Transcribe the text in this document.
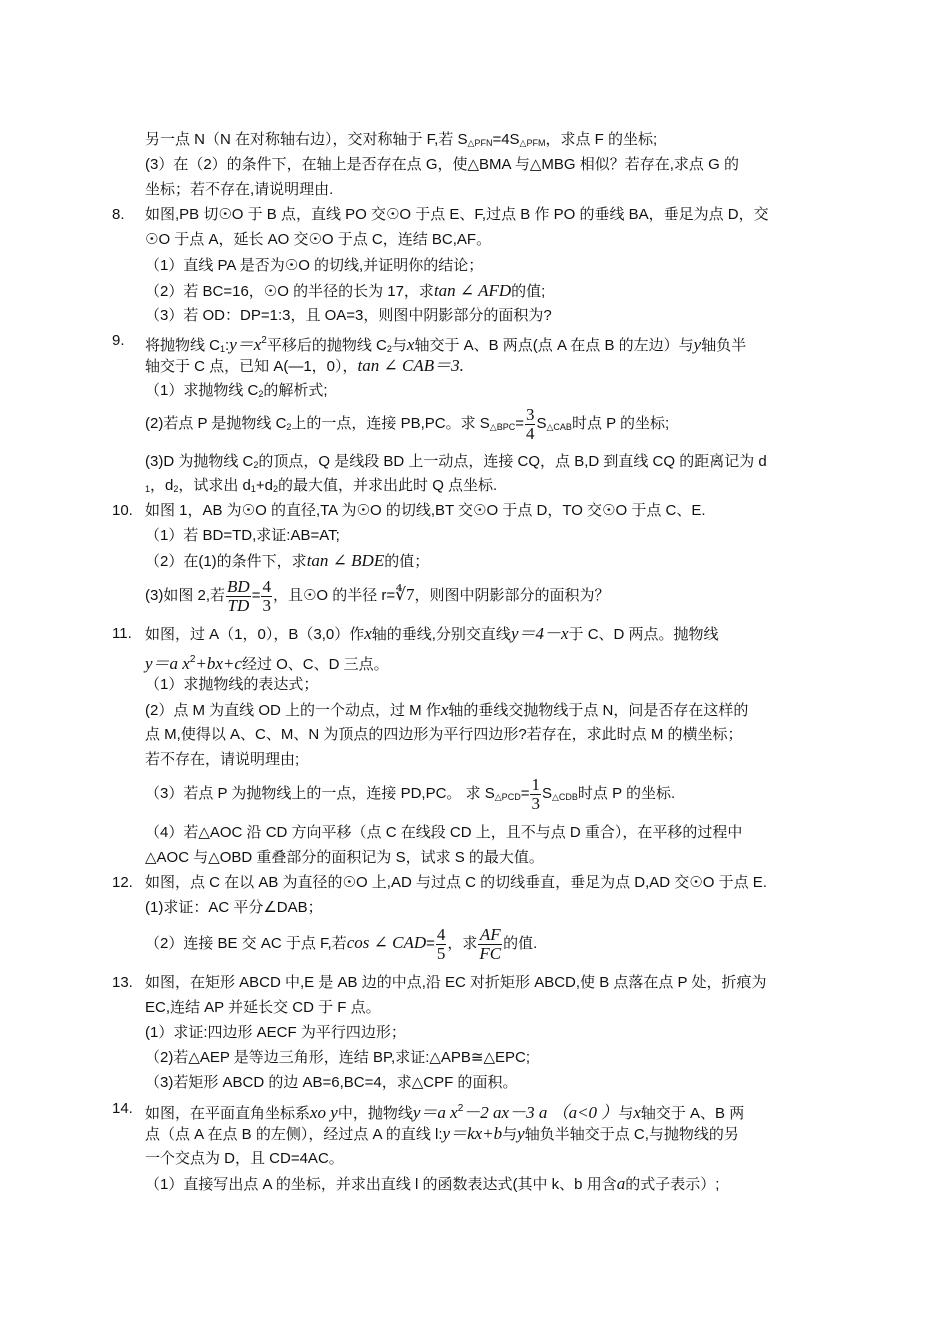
另一点 N（N 在对称轴右边），交对称轴于 F,若 $S_{\triangle PFN}=4S_{\triangle PFM}$，求点 F 的坐标;
(3）在（2）的条件下，在轴上是否存在点 G，使△BMA 与△MBG 相似？若存在,求点 G 的
坐标；若不存在,请说明理由.
8. 如图,PB 切☉O 于 B 点，直线 PO 交☉O 于点 E、F,过点 B 作 PO 的垂线 BA，垂足为点 D，交
☉O 于点 A，延长 AO 交☉O 于点 C，连结 BC,AF。
（1）直线 PA 是否为☉O 的切线,并证明你的结论；
（2）若 BC=16，☉O 的半径的长为 17，求tan ∠ AFD的值;
（3）若 OD：DP=1:3，且 OA=3，则图中阴影部分的面积为?
9. 将抛物线 $C_1:y=x^2$平移后的抛物线 $C_2$与x轴交于 A、B 两点(点 A 在点 B 的左边）与y轴负半
轴交于 C 点，已知 A(—1，0），tan ∠ CAB＝3.
（1）求抛物线 $C_2$的解析式;
(2)若点 P 是抛物线 $C_2$上的一点，连接 PB,PC。求 $S_{\triangle BPC}= \frac{3}{4} S_{\triangle CAB}$时点 P 的坐标;
(3)D 为抛物线 $C_2$的顶点，Q 是线段 BD 上一动点，连接 CQ，点 B,D 到直线 CQ 的距离记为 d
$_1$，$d_2$，试求出 $d_1+d_2$的最大值，并求出此时 Q 点坐标.
10. 如图 1，AB 为☉O 的直径,TA 为☉O 的切线,BT 交☉O 于点 D，TO 交☉O 于点 C、E.
（1）若 BD=TD,求证:AB=AT;
（2）在(1)的条件下，求tan ∠ BDE的值；
(3)如图 2,若 $\frac{BD}{TD} = \frac{4}{3}$ ，且☉O 的半径 r=∜7，则图中阴影部分的面积为？
11. 如图，过 A（1，0），B（3,0）作x轴的垂线,分别交直线y＝4－x于 C、D 两点。抛物线
y＝a $x^2+bx+c$经过 O、C、D 三点。
（1）求抛物线的表达式；
(2）点 M 为直线 OD 上的一个动点，过 M 作x轴的垂线交抛物线于点 N，问是否存在这样的
点 M,使得以 A、C、M、N 为顶点的四边形为平行四边形?若存在，求此时点 M 的横坐标；
若不存在，请说明理由;
（3）若点 P 为抛物线上的一点，连接 PD,PC。 求 $S_{\triangle PCD}= \frac{1}{3} S_{\triangle CDB}$时点 P 的坐标.
（4）若△AOC 沿 CD 方向平移（点 C 在线段 CD 上，且不与点 D 重合），在平移的过程中
△AOC 与△OBD 重叠部分的面积记为 S，试求 S 的最大值。
12. 如图，点 C 在以 AB 为直径的☉O 上,AD 与过点 C 的切线垂直，垂足为点 D,AD 交☉O 于点 E.
(1)求证：AC 平分∠DAB；
（2）连接 BE 交 AC 于点 F,若cos ∠ $CAD= \frac{4}{5}$ ，求 $\frac{AF}{FC}$ 的值.
13. 如图，在矩形 ABCD 中,E 是 AB 边的中点,沿 EC 对折矩形 ABCD,使 B 点落在点 P 处，折痕为
EC,连结 AP 并延长交 CD 于 F 点。
(1）求证:四边形 AECF 为平行四边形；
（2)若△AEP 是等边三角形，连结 BP,求证:△APB≅△EPC;
（3)若矩形 ABCD 的边 AB=6,BC=4，求△CPF 的面积。
14. 如图，在平面直角坐标系xo y中，抛物线y＝a $x^2-2$ ax－3 a （a<0 ）与x轴交于 A、B 两
点（点 A 在点 B 的左侧），经过点 A 的直线 l:y＝kx+b与y轴负半轴交于点 C,与抛物线的另
一个交点为 D，且 CD=4AC。
（1）直接写出点 A 的坐标，并求出直线 l 的函数表达式(其中 k、b 用含a的式子表示）;
